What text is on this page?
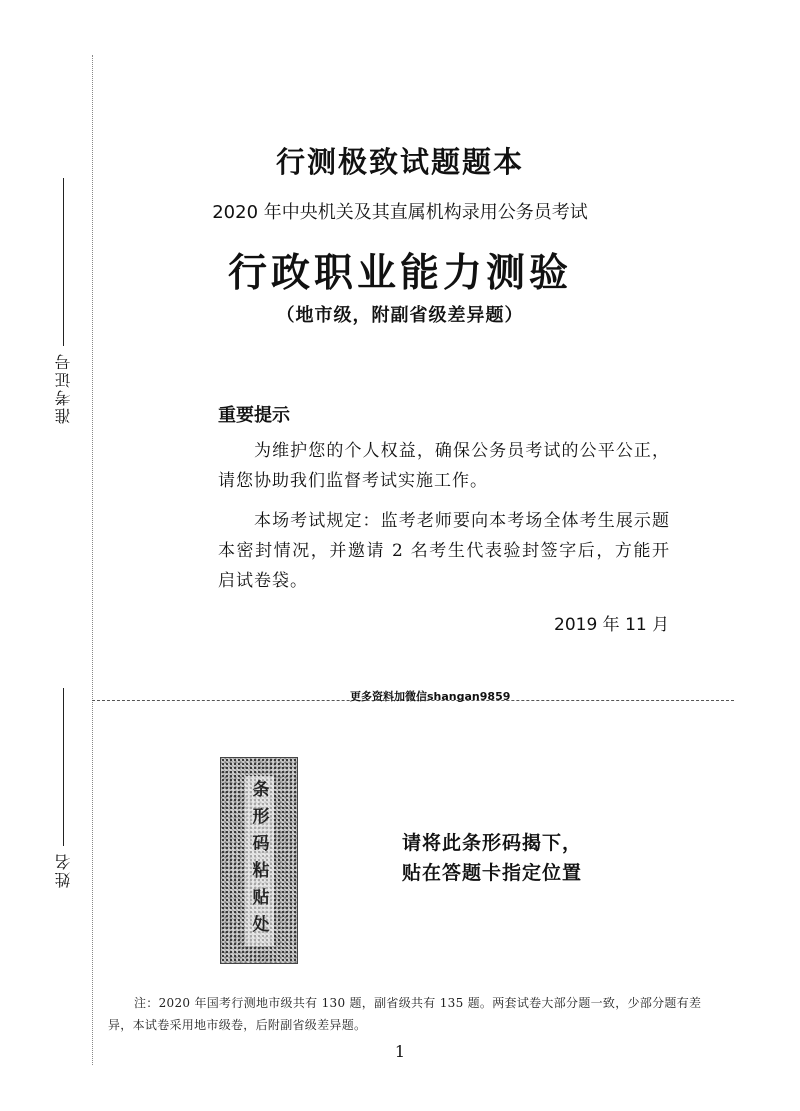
准考证号
姓名
行测极致试题题本
2020 年中央机关及其直属机构录用公务员考试
行政职业能力测验
（地市级，附副省级差异题）
重要提示
为维护您的个人权益，确保公务员考试的公平公正，请您协助我们监督考试实施工作。
本场考试规定：监考老师要向本考场全体考生展示题本密封情况，并邀请 2 名考生代表验封签字后，方能开启试卷袋。
2019 年 11 月
更多资料加微信shangan9859
条形码粘贴处	请将此条形码揭下，
贴在答题卡指定位置
注：2020 年国考行测地市级共有 130 题，副省级共有 135 题。两套试卷大部分题一致，少部分题有差异，本试卷采用地市级卷，后附副省级差异题。
1
